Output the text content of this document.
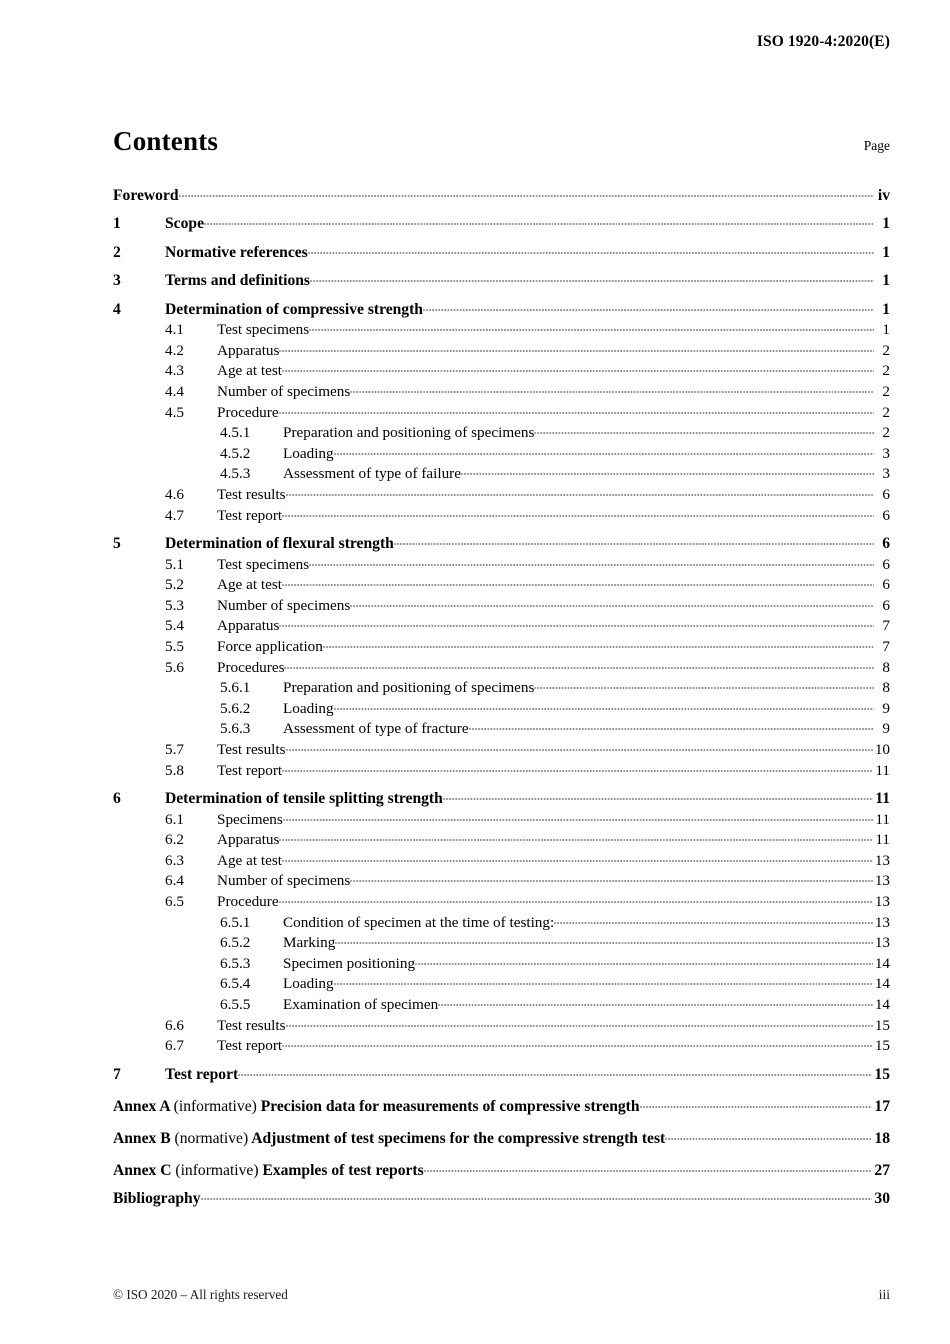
ISO 1920-4:2020(E)
Contents	Page
Foreword	iv
1	Scope	1
2	Normative references	1
3	Terms and definitions	1
4	Determination of compressive strength	1
4.1	Test specimens	1
4.2	Apparatus	2
4.3	Age at test	2
4.4	Number of specimens	2
4.5	Procedure	2
4.5.1	Preparation and positioning of specimens	2
4.5.2	Loading	3
4.5.3	Assessment of type of failure	3
4.6	Test results	6
4.7	Test report	6
5	Determination of flexural strength	6
5.1	Test specimens	6
5.2	Age at test	6
5.3	Number of specimens	6
5.4	Apparatus	7
5.5	Force application	7
5.6	Procedures	8
5.6.1	Preparation and positioning of specimens	8
5.6.2	Loading	9
5.6.3	Assessment of type of fracture	9
5.7	Test results	10
5.8	Test report	11
6	Determination of tensile splitting strength	11
6.1	Specimens	11
6.2	Apparatus	11
6.3	Age at test	13
6.4	Number of specimens	13
6.5	Procedure	13
6.5.1	Condition of specimen at the time of testing:	13
6.5.2	Marking	13
6.5.3	Specimen positioning	14
6.5.4	Loading	14
6.5.5	Examination of specimen	14
6.6	Test results	15
6.7	Test report	15
7	Test report	15
Annex A (informative) Precision data for measurements of compressive strength	17
Annex B (normative) Adjustment of test specimens for the compressive strength test	18
Annex C (informative) Examples of test reports	27
Bibliography	30
© ISO 2020 – All rights reserved	iii
